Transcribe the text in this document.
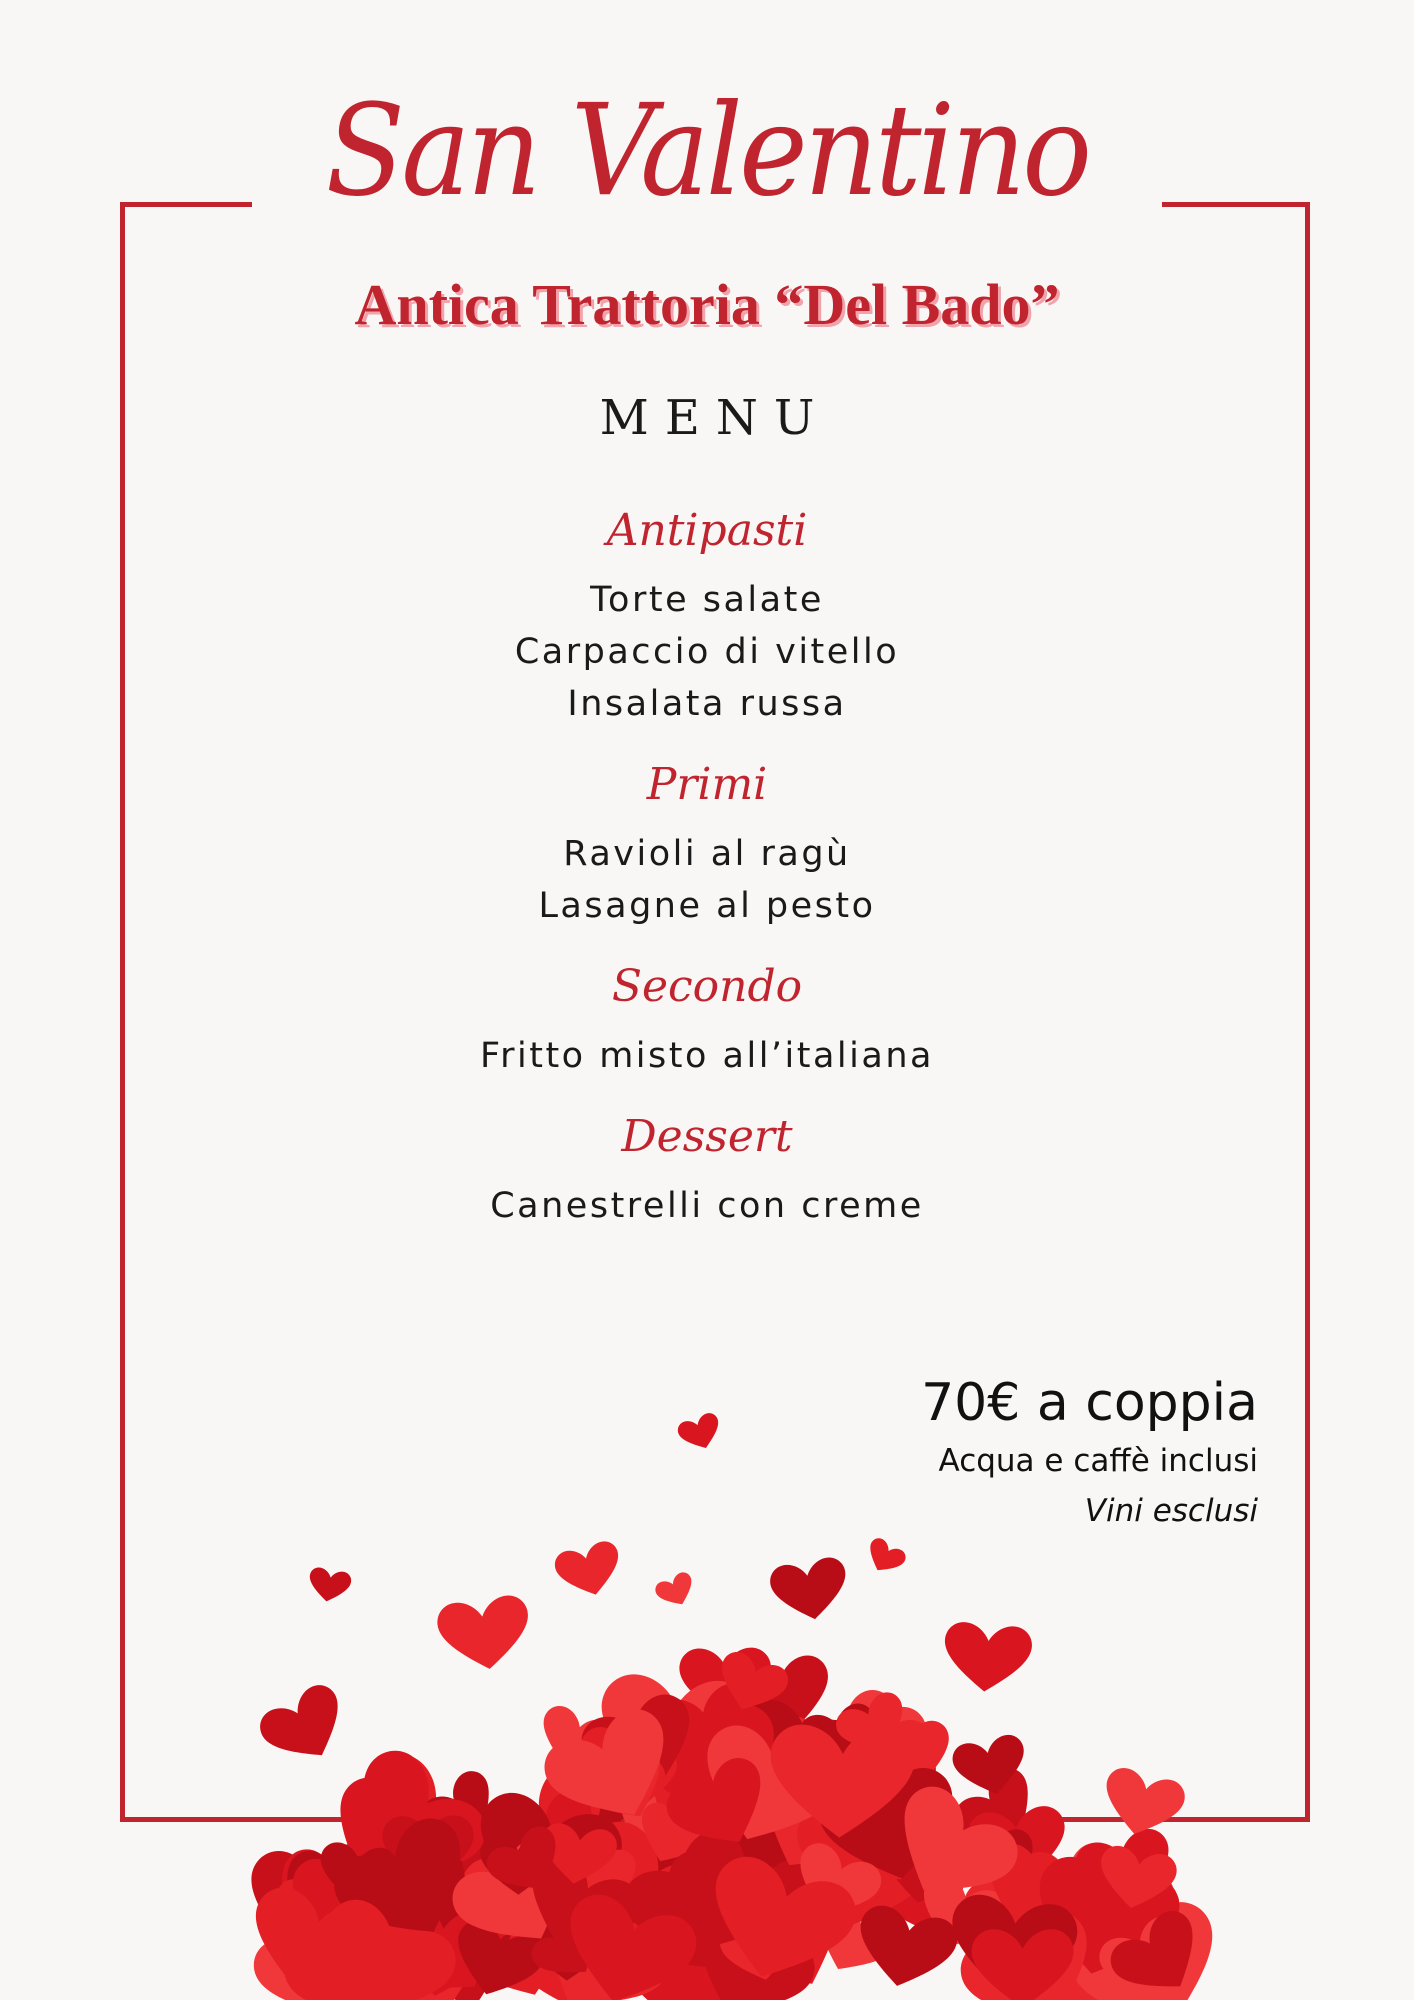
San Valentino
Antica Trattoria “Del Bado”
MENU
Antipasti
Torte salate
Carpaccio di vitello
Insalata russa
Primi
Ravioli al ragù
Lasagne al pesto
Secondo
Fritto misto all’italiana
Dessert
Canestrelli con creme
70€ a coppia
Acqua e caffè inclusi
Vini esclusi
